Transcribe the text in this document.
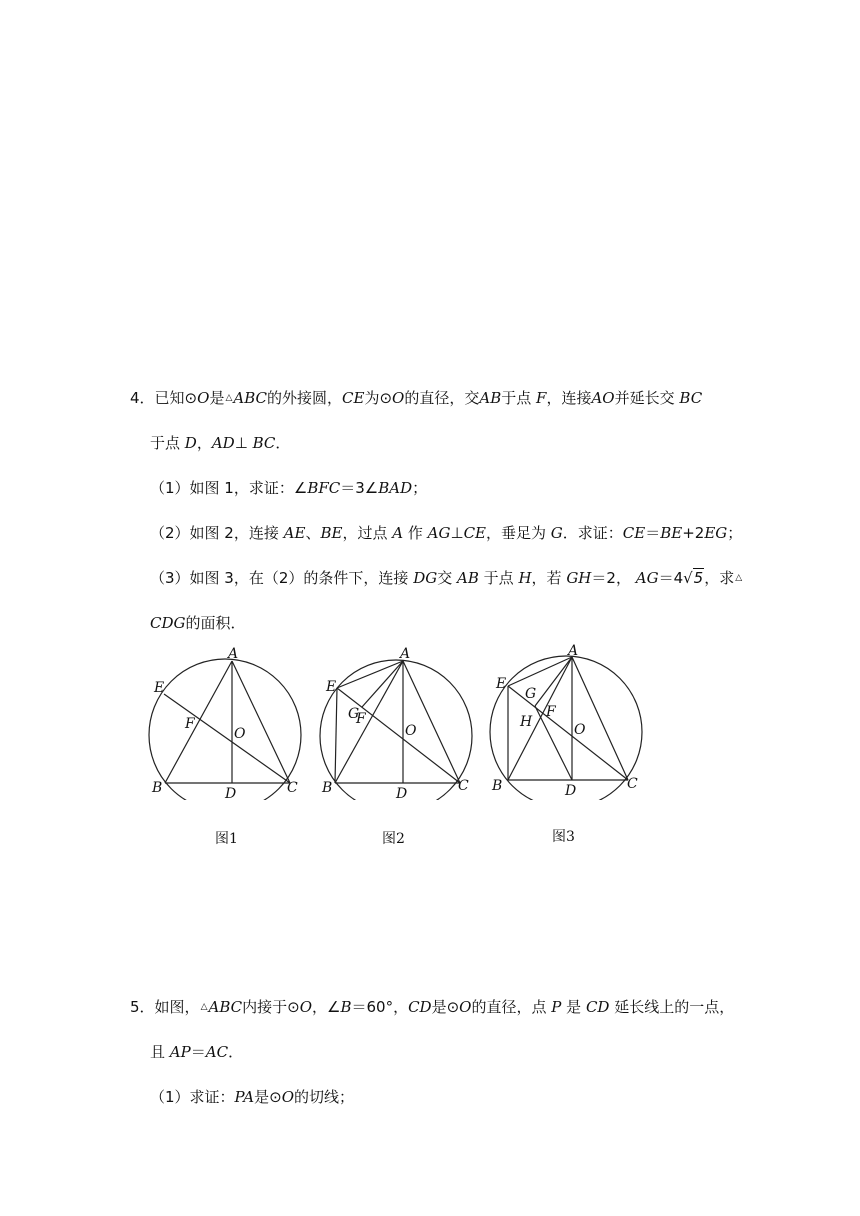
4．已知⊙O是△ABC的外接圆，CE为⊙O的直径，交AB于点 F，连接AO并延长交 BC
于点 D，AD⊥ BC．
（1）如图 1，求证：∠BFC＝3∠BAD；
（2）如图 2，连接 AE、BE，过点 A 作 AG⊥CE，垂足为 G．求证：CE＝BE+2EG；
（3）如图 3，在（2）的条件下，连接 DG交 AB 于点 H，若 GH＝2， AG＝4√5，求△
CDG的面积．
A
B	C
D
E
F
O
图1
A
B	C
D
E
F
G
O
图2
A
B	C
D
E
F
G
H	O
图3
5．如图，△ABC内接于⊙O，∠B＝60°，CD是⊙O的直径，点 P 是 CD 延长线上的一点，
且 AP＝AC．
（1）求证：PA是⊙O的切线；
